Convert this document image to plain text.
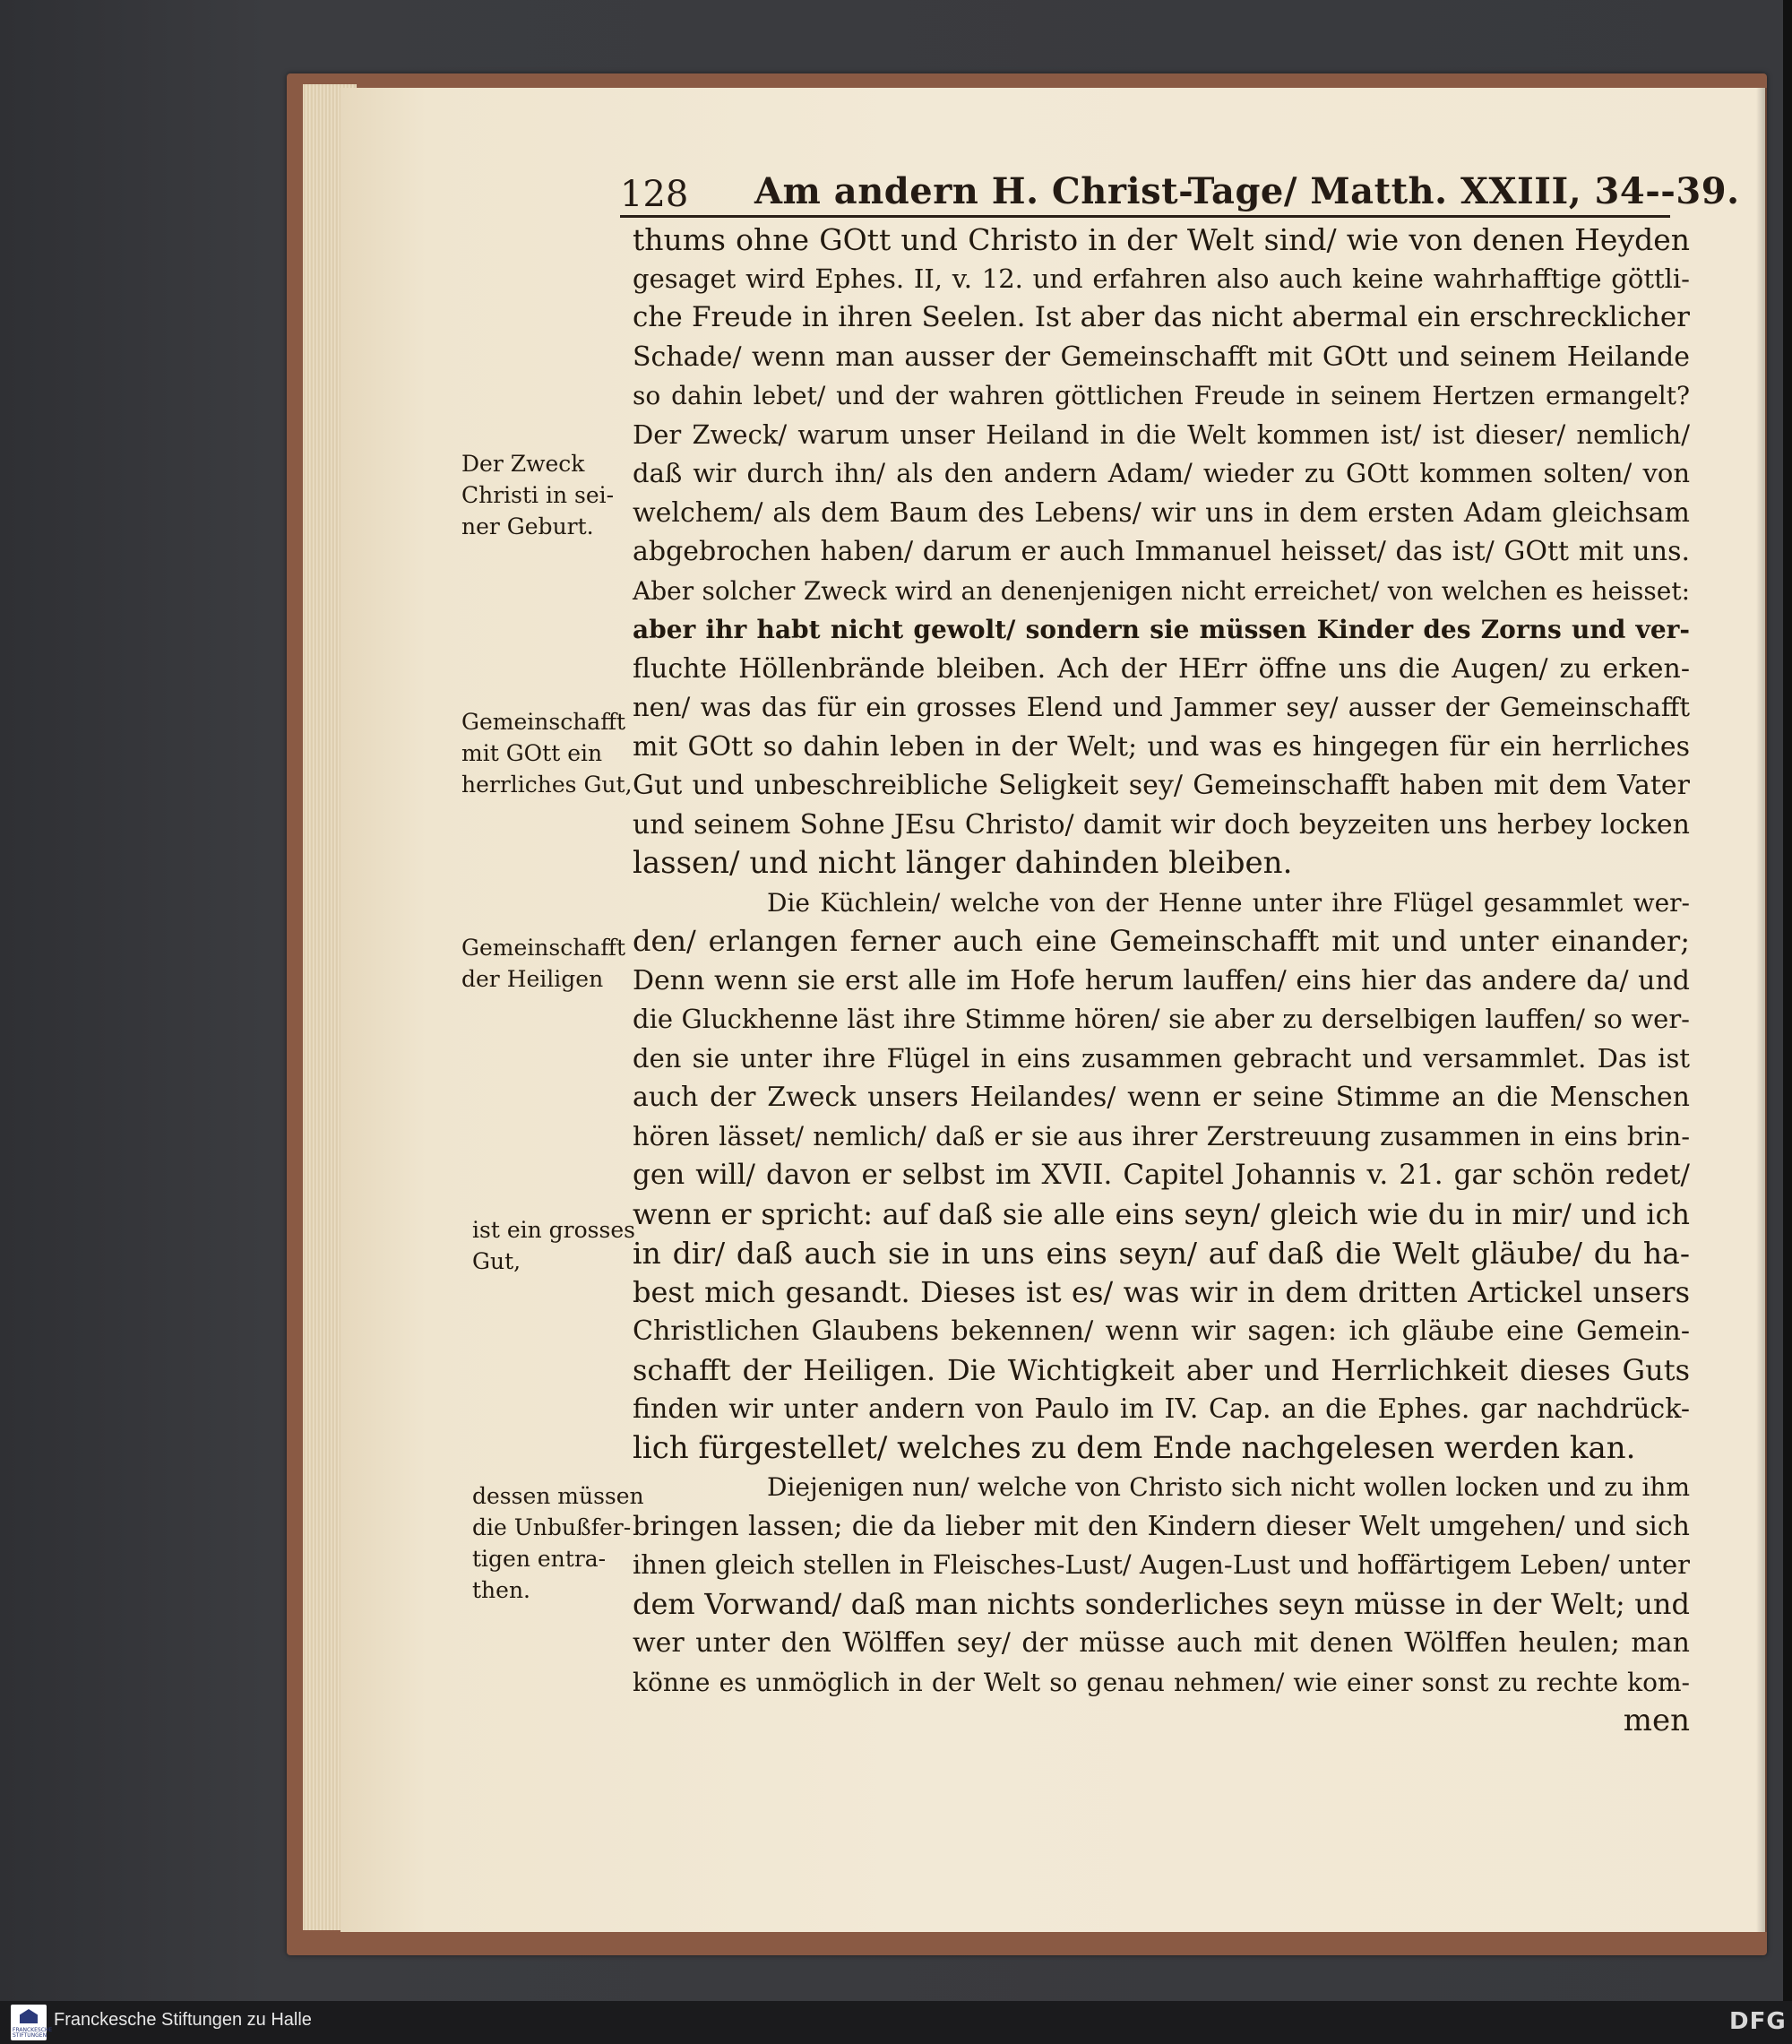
128 Am andern H. Christ-Tage/ Matth. XXIII, 34--39.
thums ohne GOtt und Christo in der Welt sind/ wie von denen Heyden
gesaget wird Ephes. II, v. 12. und erfahren also auch keine wahrhafftige göttli-
che Freude in ihren Seelen. Ist aber das nicht abermal ein erschrecklicher
Schade/ wenn man ausser der Gemeinschafft mit GOtt und seinem Heilande
so dahin lebet/ und der wahren göttlichen Freude in seinem Hertzen ermangelt?
Der Zweck/ warum unser Heiland in die Welt kommen ist/ ist dieser/ nemlich/
daß wir durch ihn/ als den andern Adam/ wieder zu GOtt kommen solten/ von
welchem/ als dem Baum des Lebens/ wir uns in dem ersten Adam gleichsam
abgebrochen haben/ darum er auch Immanuel heisset/ das ist/ GOtt mit uns.
Aber solcher Zweck wird an denenjenigen nicht erreichet/ von welchen es heisset:
aber ihr habt nicht gewolt/ sondern sie müssen Kinder des Zorns und ver-
fluchte Höllenbrände bleiben. Ach der HErr öffne uns die Augen/ zu erken-
nen/ was das für ein grosses Elend und Jammer sey/ ausser der Gemeinschafft
mit GOtt so dahin leben in der Welt; und was es hingegen für ein herrliches
Gut und unbeschreibliche Seligkeit sey/ Gemeinschafft haben mit dem Vater
und seinem Sohne JEsu Christo/ damit wir doch beyzeiten uns herbey locken
lassen/ und nicht länger dahinden bleiben.
Die Küchlein/ welche von der Henne unter ihre Flügel gesammlet wer-
den/ erlangen ferner auch eine Gemeinschafft mit und unter einander;
Denn wenn sie erst alle im Hofe herum lauffen/ eins hier das andere da/ und
die Gluckhenne läst ihre Stimme hören/ sie aber zu derselbigen lauffen/ so wer-
den sie unter ihre Flügel in eins zusammen gebracht und versammlet. Das ist
auch der Zweck unsers Heilandes/ wenn er seine Stimme an die Menschen
hören lässet/ nemlich/ daß er sie aus ihrer Zerstreuung zusammen in eins brin-
gen will/ davon er selbst im XVII. Capitel Johannis v. 21. gar schön redet/
wenn er spricht: auf daß sie alle eins seyn/ gleich wie du in mir/ und ich
in dir/ daß auch sie in uns eins seyn/ auf daß die Welt gläube/ du ha-
best mich gesandt. Dieses ist es/ was wir in dem dritten Artickel unsers
Christlichen Glaubens bekennen/ wenn wir sagen: ich gläube eine Gemein-
schafft der Heiligen. Die Wichtigkeit aber und Herrlichkeit dieses Guts
finden wir unter andern von Paulo im IV. Cap. an die Ephes. gar nachdrück-
lich fürgestellet/ welches zu dem Ende nachgelesen werden kan.
Diejenigen nun/ welche von Christo sich nicht wollen locken und zu ihm
bringen lassen; die da lieber mit den Kindern dieser Welt umgehen/ und sich
ihnen gleich stellen in Fleisches-Lust/ Augen-Lust und hoffärtigem Leben/ unter
dem Vorwand/ daß man nichts sonderliches seyn müsse in der Welt; und
wer unter den Wölffen sey/ der müsse auch mit denen Wölffen heulen; man
könne es unmöglich in der Welt so genau nehmen/ wie einer sonst zu rechte kom-
men
Der Zweck
Christi in sei-
ner Geburt.
Gemeinschafft
mit GOtt ein
herrliches Gut,
Gemeinschafft
der Heiligen
ist ein grosses
Gut,
dessen müssen
die Unbußfer-
tigen entra-
then.
FRANCKESCHE STIFTUNGEN
Franckesche Stiftungen zu Halle	DFG
